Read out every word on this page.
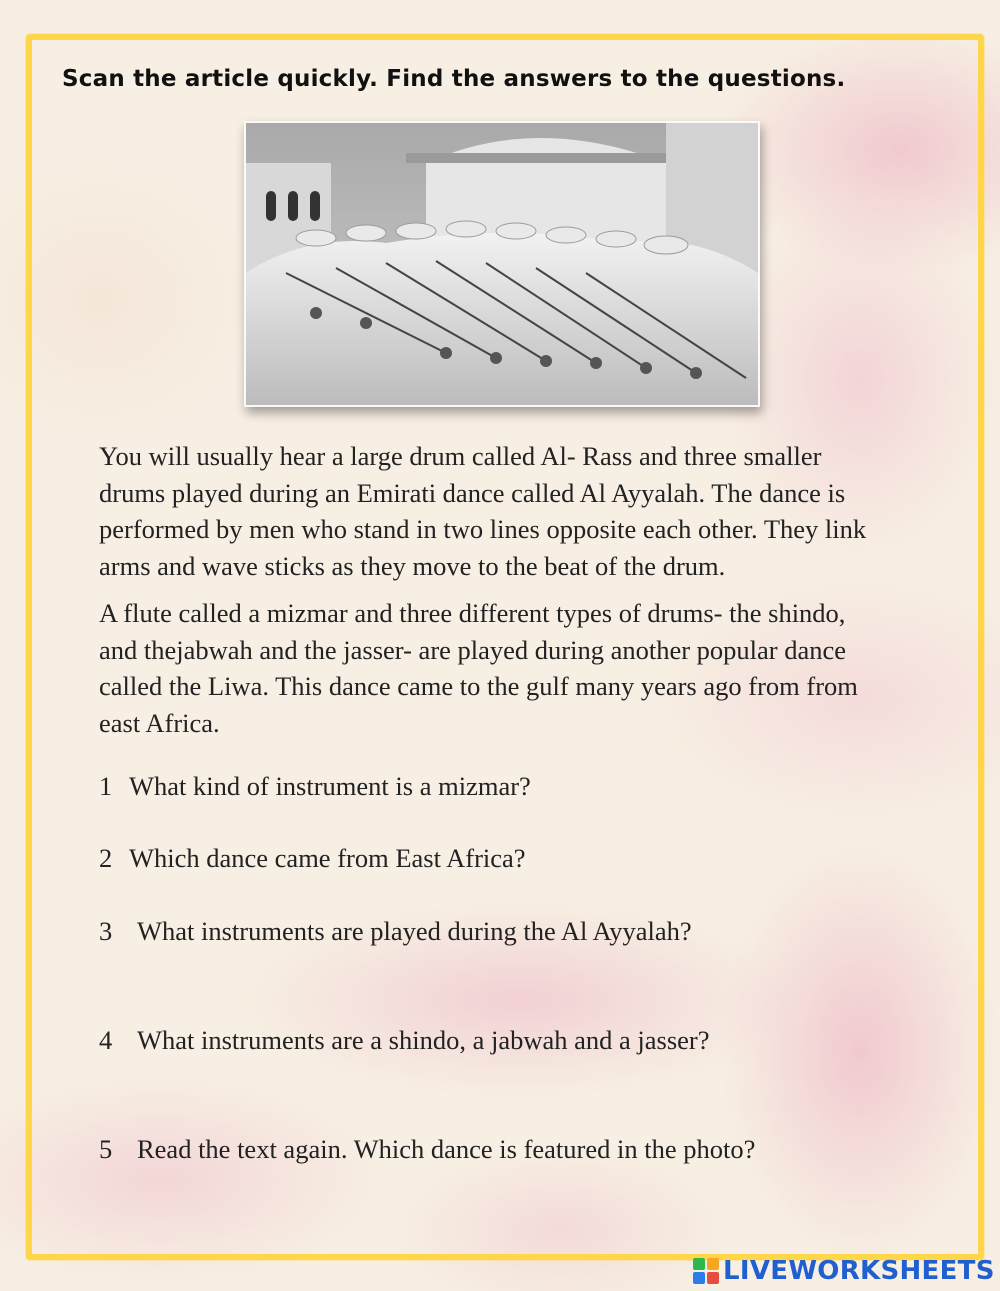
Scan the article quickly. Find the answers to the questions.

You will usually hear a large drum called Al- Rass and three smaller
drums played during an Emirati dance called Al Ayyalah. The dance is
performed by men who stand in two lines opposite each other. They link
arms and wave sticks as they move to the beat of the drum.

A flute called a mizmar and three different types of drums- the shindo,
and thejabwah and the jasser- are played during another popular dance
called the Liwa. This dance came to the gulf many years ago from from
east Africa.

1 What kind of instrument is a mizmar?

2 Which dance came from East Africa?

3 What instruments are played during the Al Ayyalah?

4 What instruments are a shindo, a jabwah and a jasser?

5 Read the text again. Which dance is featured in the photo?

LIVEWORKSHEETS
